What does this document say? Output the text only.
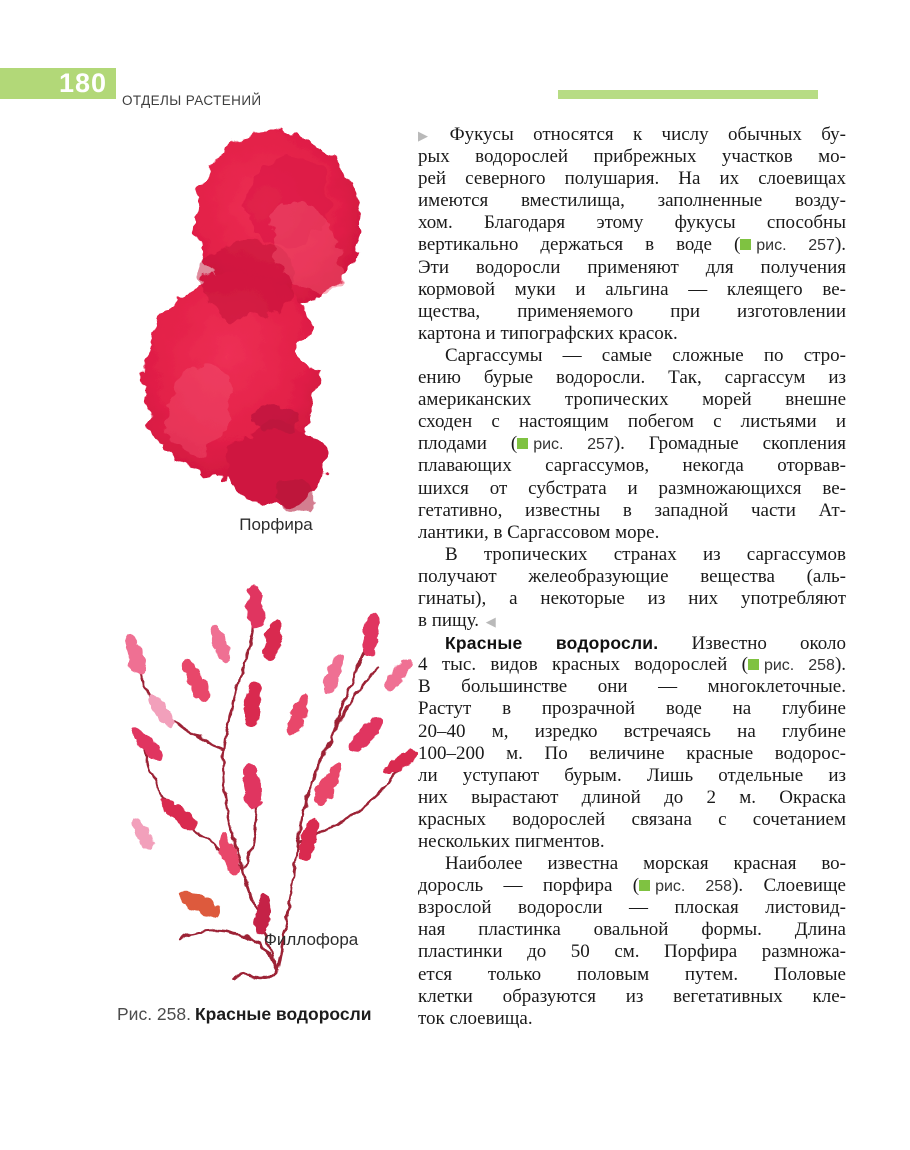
180
ОТДЕЛЫ РАСТЕНИЙ
Порфира
Филлофора
Рис. 258. Красные водоросли
▶ Фукусы относятся к числу обычных бу-
рых водорослей прибрежных участков мо-
рей северного полушария. На их слоевищах
имеются вместилища, заполненные возду-
хом. Благодаря этому фукусы способны
вертикально держаться в воде ( рис. 257).
Эти водоросли применяют для получения
кормовой муки и альгина — клеящего ве-
щества, применяемого при изготовлении
картона и типографских красок.
Саргассумы — самые сложные по стро-
ению бурые водоросли. Так, саргассум из
американских тропических морей внешне
сходен с настоящим побегом с листьями и
плодами ( рис. 257). Громадные скопления
плавающих саргассумов, некогда оторвав-
шихся от субстрата и размножающихся ве-
гетативно, известны в западной части Ат-
лантики, в Саргассовом море.
В тропических странах из саргассумов
получают желеобразующие вещества (аль-
гинаты), а некоторые из них употребляют
в пищу. ◀
Красные водоросли. Известно около
4 тыс. видов красных водорослей ( рис. 258).
В большинстве они — многоклеточные.
Растут в прозрачной воде на глубине
20–40 м, изредко встречаясь на глубине
100–200 м. По величине красные водорос-
ли уступают бурым. Лишь отдельные из
них вырастают длиной до 2 м. Окраска
красных водорослей связана с сочетанием
нескольких пигментов.
Наиболее известна морская красная во-
доросль — порфира ( рис. 258). Слоевище
взрослой водоросли — плоская листовид-
ная пластинка овальной формы. Длина
пластинки до 50 см. Порфира размножа-
ется только половым путем. Половые
клетки образуются из вегетативных кле-
ток слоевища.
